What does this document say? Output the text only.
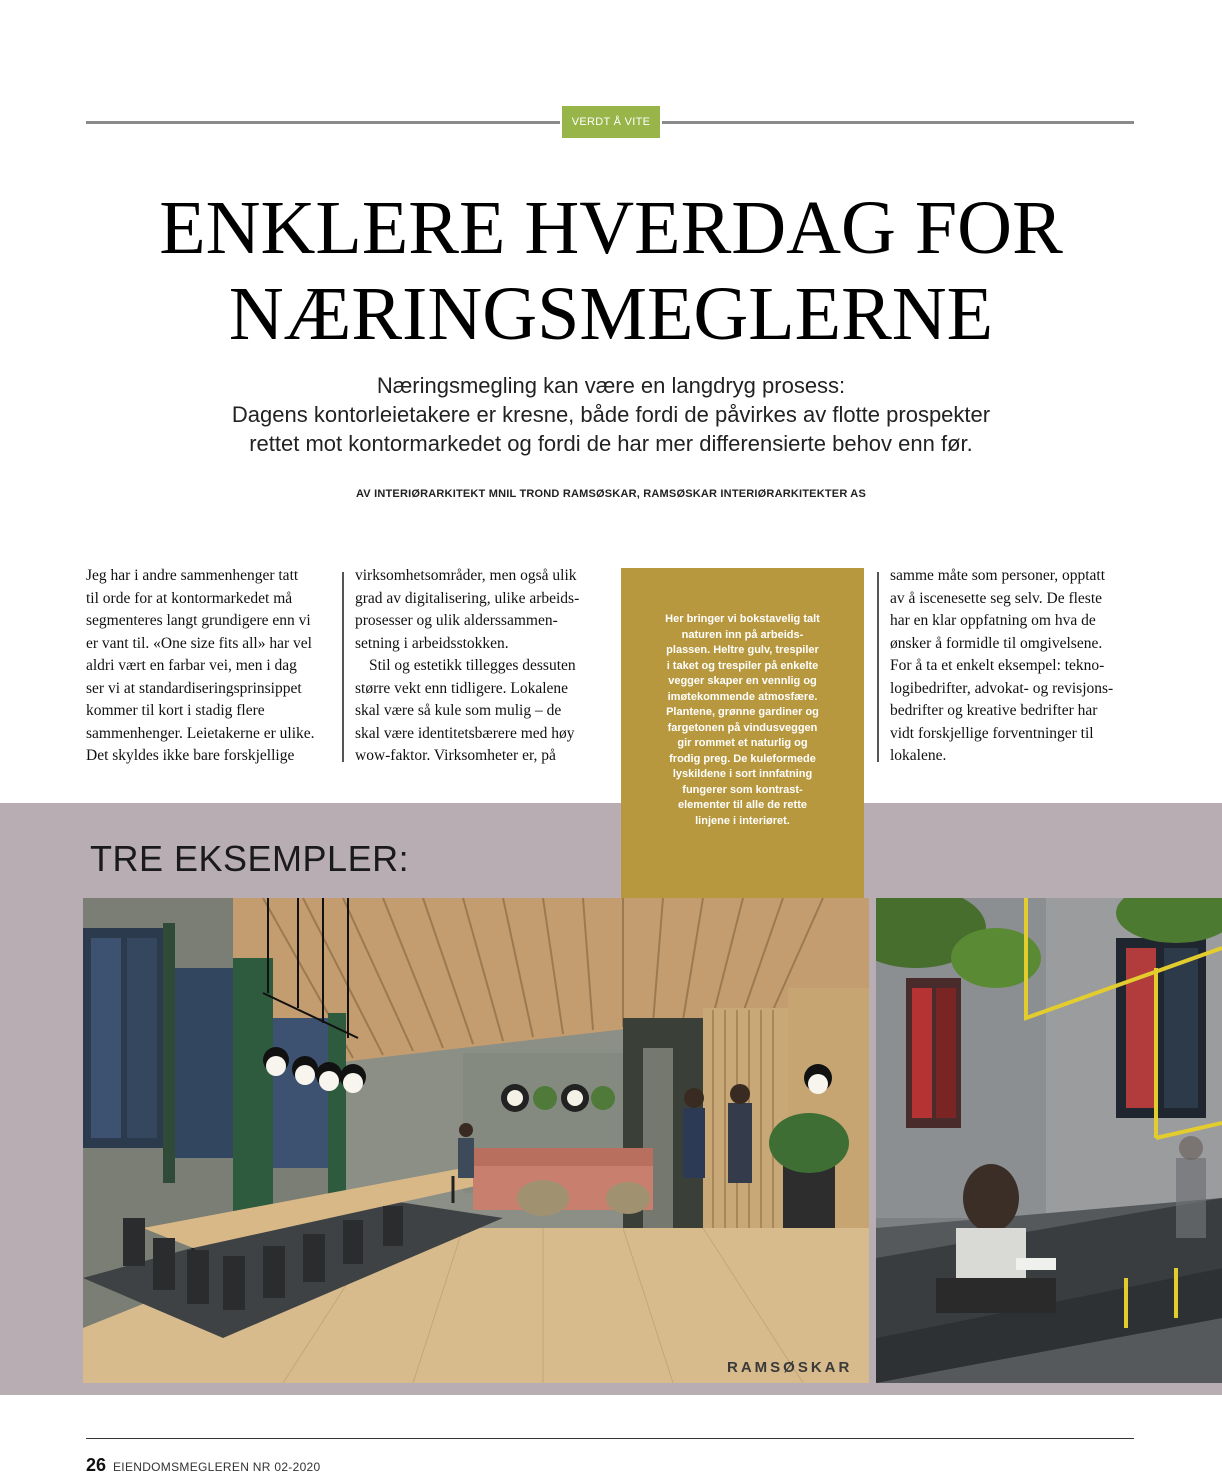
VERDT Å VITE
ENKLERE HVERDAG FOR
NÆRINGSMEGLERNE
Næringsmegling kan være en langdryg prosess:
Dagens kontorleietakere er kresne, både fordi de påvirkes av flotte prospekter
rettet mot kontormarkedet og fordi de har mer differensierte behov enn før.
AV INTERIØRARKITEKT MNIL TROND RAMSØSKAR, RAMSØSKAR INTERIØRARKITEKTER AS
Jeg har i andre sammenhenger tatt
til orde for at kontormarkedet må
segmenteres langt grundigere enn vi
er vant til. «One size fits all» har vel
aldri vært en farbar vei, men i dag
ser vi at standardiseringsprinsippet
kommer til kort i stadig flere
sammenhenger. Leietakerne er ulike.
Det skyldes ikke bare forskjellige
virksomhetsområder, men også ulik
grad av digitalisering, ulike arbeids-
prosesser og ulik alderssammen-
setning i arbeidsstokken.
Stil og estetikk tillegges dessuten
større vekt enn tidligere. Lokalene
skal være så kule som mulig – de
skal være identitetsbærere med høy
wow-faktor. Virksomheter er, på
samme måte som personer, opptatt
av å iscenesette seg selv. De fleste
har en klar oppfatning om hva de
ønsker å formidle til omgivelsene.
For å ta et enkelt eksempel: tekno-
logibedrifter, advokat- og revisjons-
bedrifter og kreative bedrifter har
vidt forskjellige forventninger til
lokalene.
TRE EKSEMPLER:
Her bringer vi bokstavelig talt
naturen inn på arbeids-
plassen. Heltre gulv, trespiler
i taket og trespiler på enkelte
vegger skaper en vennlig og
imøtekommende atmosfære.
Plantene, grønne gardiner og
fargetonen på vindusveggen
gir rommet et naturlig og
frodig preg. De kuleformede
lyskildene i sort innfatning
fungerer som kontrast-
elementer til alle de rette
linjene i interiøret.
RAMSØSKAR
26 EIENDOMSMEGLEREN NR 02-2020
